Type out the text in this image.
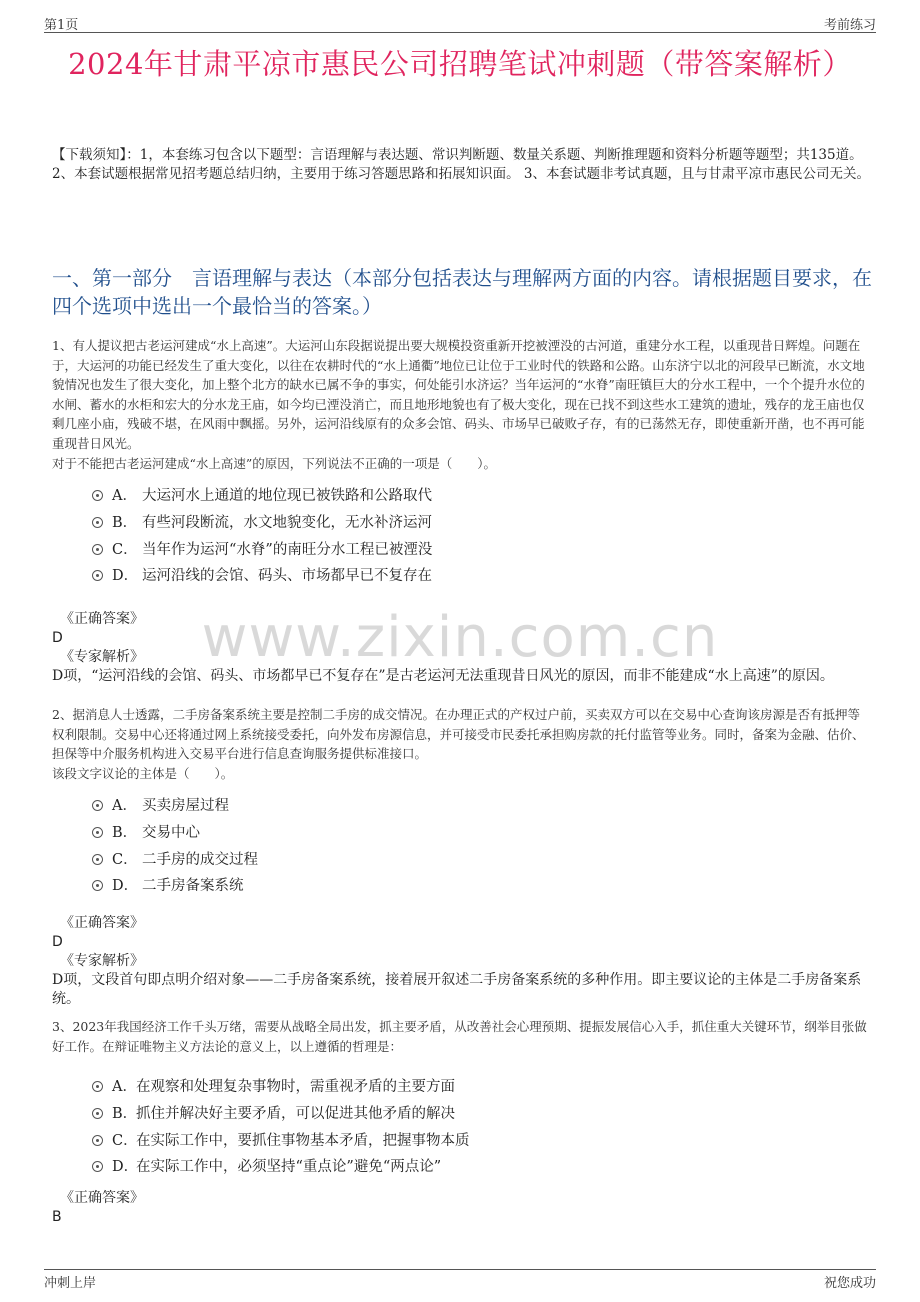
第1页	考前练习
2024年甘肃平凉市惠民公司招聘笔试冲刺题（带答案解析）
【下载须知】：1，本套练习包含以下题型：言语理解与表达题、常识判断题、数量关系题、判断推理题和资料分析题等题型；共135道。 2、本套试题根据常见招考题总结归纳，主要用于练习答题思路和拓展知识面。 3、本套试题非考试真题，且与甘肃平凉市惠民公司无关。
一、第一部分　言语理解与表达（本部分包括表达与理解两方面的内容。请根据题目要求，在四个选项中选出一个最恰当的答案。）
www.zixin.com.cn
1、有人提议把古老运河建成“水上高速”。大运河山东段据说提出要大规模投资重新开挖被湮没的古河道，重建分水工程，以重现昔日辉煌。问题在于，大运河的功能已经发生了重大变化，以往在农耕时代的“水上通衢”地位已让位于工业时代的铁路和公路。山东济宁以北的河段早已断流，水文地貌情况也发生了很大变化，加上整个北方的缺水已属不争的事实，何处能引水济运？当年运河的“水脊”南旺镇巨大的分水工程中，一个个提升水位的水闸、蓄水的水柜和宏大的分水龙王庙，如今均已湮没消亡，而且地形地貌也有了极大变化，现在已找不到这些水工建筑的遗址，残存的龙王庙也仅剩几座小庙，残破不堪，在风雨中飘摇。另外，运河沿线原有的众多会馆、码头、市场早已破败孑存，有的已荡然无存，即使重新开凿，也不再可能重现昔日风光。
对于不能把古老运河建成“水上高速”的原因，下列说法不正确的一项是（　　）。
A． 大运河水上通道的地位现已被铁路和公路取代
B． 有些河段断流，水文地貌变化，无水补济运河
C． 当年作为运河“水脊”的南旺分水工程已被湮没
D． 运河沿线的会馆、码头、市场都早已不复存在
《正确答案》
D
《专家解析》
D项，“运河沿线的会馆、码头、市场都早已不复存在”是古老运河无法重现昔日风光的原因，而非不能建成“水上高速”的原因。
2、据消息人士透露，二手房备案系统主要是控制二手房的成交情况。在办理正式的产权过户前，买卖双方可以在交易中心查询该房源是否有抵押等权利限制。交易中心还将通过网上系统接受委托，向外发布房源信息，并可接受市民委托承担购房款的托付监管等业务。同时，备案为金融、估价、担保等中介服务机构进入交易平台进行信息查询服务提供标准接口。
该段文字议论的主体是（　　）。
A． 买卖房屋过程
B． 交易中心
C． 二手房的成交过程
D． 二手房备案系统
《正确答案》
D
《专家解析》
D项，文段首句即点明介绍对象——二手房备案系统，接着展开叙述二手房备案系统的多种作用。即主要议论的主体是二手房备案系统。
3、2023年我国经济工作千头万绪，需要从战略全局出发，抓主要矛盾，从改善社会心理预期、提振发展信心入手，抓住重大关键环节，纲举目张做好工作。在辩证唯物主义方法论的意义上，以上遵循的哲理是：
A． 在观察和处理复杂事物时，需重视矛盾的主要方面
B．
抓住并解决好主要矛盾，可以促进其他矛盾的解决
C．
在实际工作中，要抓住事物基本矛盾，把握事物本质
D．
在实际工作中，必须坚持“重点论”避免“两点论”
《正确答案》
B
冲刺上岸	祝您成功
